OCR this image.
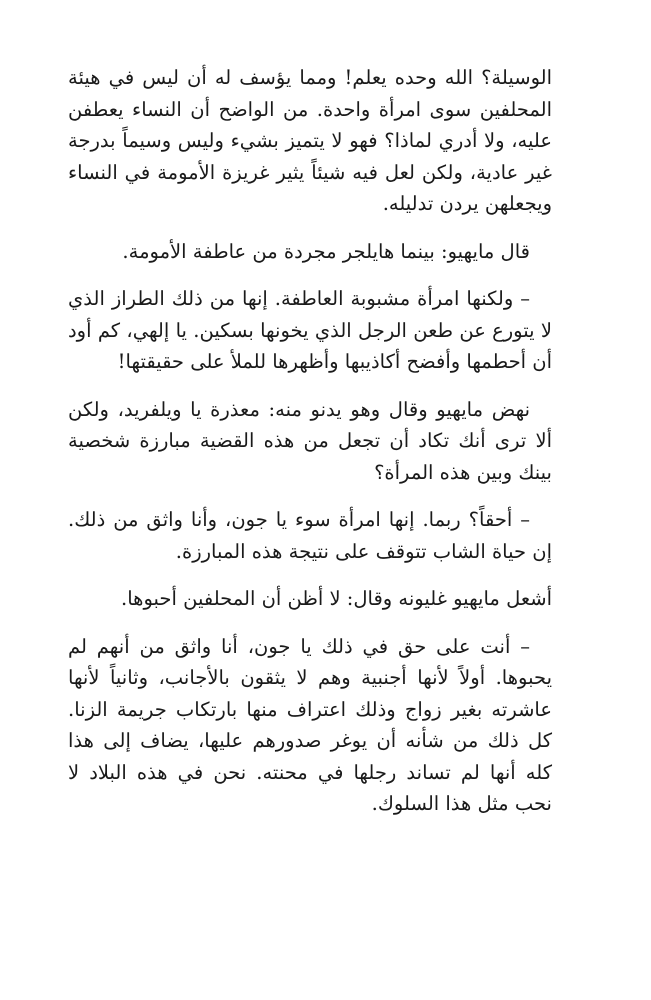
الوسيلة؟ الله وحده يعلم! ومما يؤسف له أن ليس في هيئة المحلفين سوى امرأة واحدة. من الواضح أن النساء يعطفن عليه، ولا أدري لماذا؟ فهو لا يتميز بشيء وليس وسيماً بدرجة غير عادية، ولكن لعل فيه شيئاً يثير غريزة الأمومة في النساء ويجعلهن يردن تدليله.

قال مايهيو: بينما هايلجر مجردة من عاطفة الأمومة.

– ولكنها امرأة مشبوبة العاطفة. إنها من ذلك الطراز الذي لا يتورع عن طعن الرجل الذي يخونها بسكين. يا إلهي، كم أود أن أحطمها وأفضح أكاذيبها وأظهرها للملأ على حقيقتها!

نهض مايهيو وقال وهو يدنو منه: معذرة يا ويلفريد، ولكن ألا ترى أنك تكاد أن تجعل من هذه القضية مبارزة شخصية بينك وبين هذه المرأة؟

– أحقاً؟ ربما. إنها امرأة سوء يا جون، وأنا واثق من ذلك. إن حياة الشاب تتوقف على نتيجة هذه المبارزة.

أشعل مايهيو غليونه وقال: لا أظن أن المحلفين أحبوها.

– أنت على حق في ذلك يا جون، أنا واثق من أنهم لم يحبوها. أولاً لأنها أجنبية وهم لا يثقون بالأجانب، وثانياً لأنها عاشرته بغير زواج وذلك اعتراف منها بارتكاب جريمة الزنا. كل ذلك من شأنه أن يوغر صدورهم عليها، يضاف إلى هذا كله أنها لم تساند رجلها في محنته. نحن في هذه البلاد لا نحب مثل هذا السلوك.
